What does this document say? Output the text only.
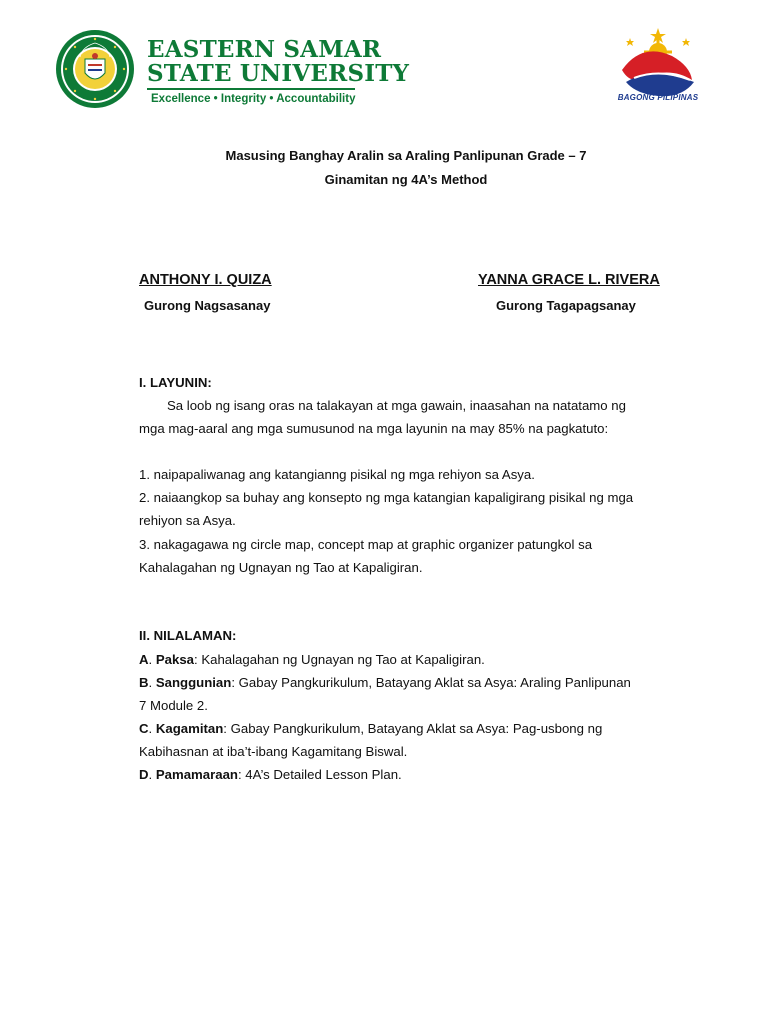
EASTERN SAMAR
STATE UNIVERSITY
Excellence • Integrity • Accountability	BAGONG PILIPINAS
Masusing Banghay Aralin sa Araling Panlipunan Grade – 7
Ginamitan ng 4A’s Method
ANTHONY I. QUIZA
Gurong Nagsasanay
YANNA GRACE L. RIVERA
Gurong Tagapagsanay
I. LAYUNIN:
Sa loob ng isang oras na talakayan at mga gawain, inaasahan na natatamo ng
mga mag-aaral ang mga sumusunod na mga layunin na may 85% na pagkatuto:
1. naipapaliwanag ang katangianng pisikal ng mga rehiyon sa Asya.
2. naiaangkop sa buhay ang konsepto ng mga katangian kapaligirang pisikal ng mga
rehiyon sa Asya.
3. nakagagawa ng circle map, concept map at graphic organizer patungkol sa
Kahalagahan ng Ugnayan ng Tao at Kapaligiran.
II. NILALAMAN:
A. Paksa: Kahalagahan ng Ugnayan ng Tao at Kapaligiran.
B. Sanggunian: Gabay Pangkurikulum, Batayang Aklat sa Asya: Araling Panlipunan
7 Module 2.
C. Kagamitan: Gabay Pangkurikulum, Batayang Aklat sa Asya: Pag-usbong ng
Kabihasnan at iba’t-ibang Kagamitang Biswal.
D. Pamamaraan: 4A’s Detailed Lesson Plan.
